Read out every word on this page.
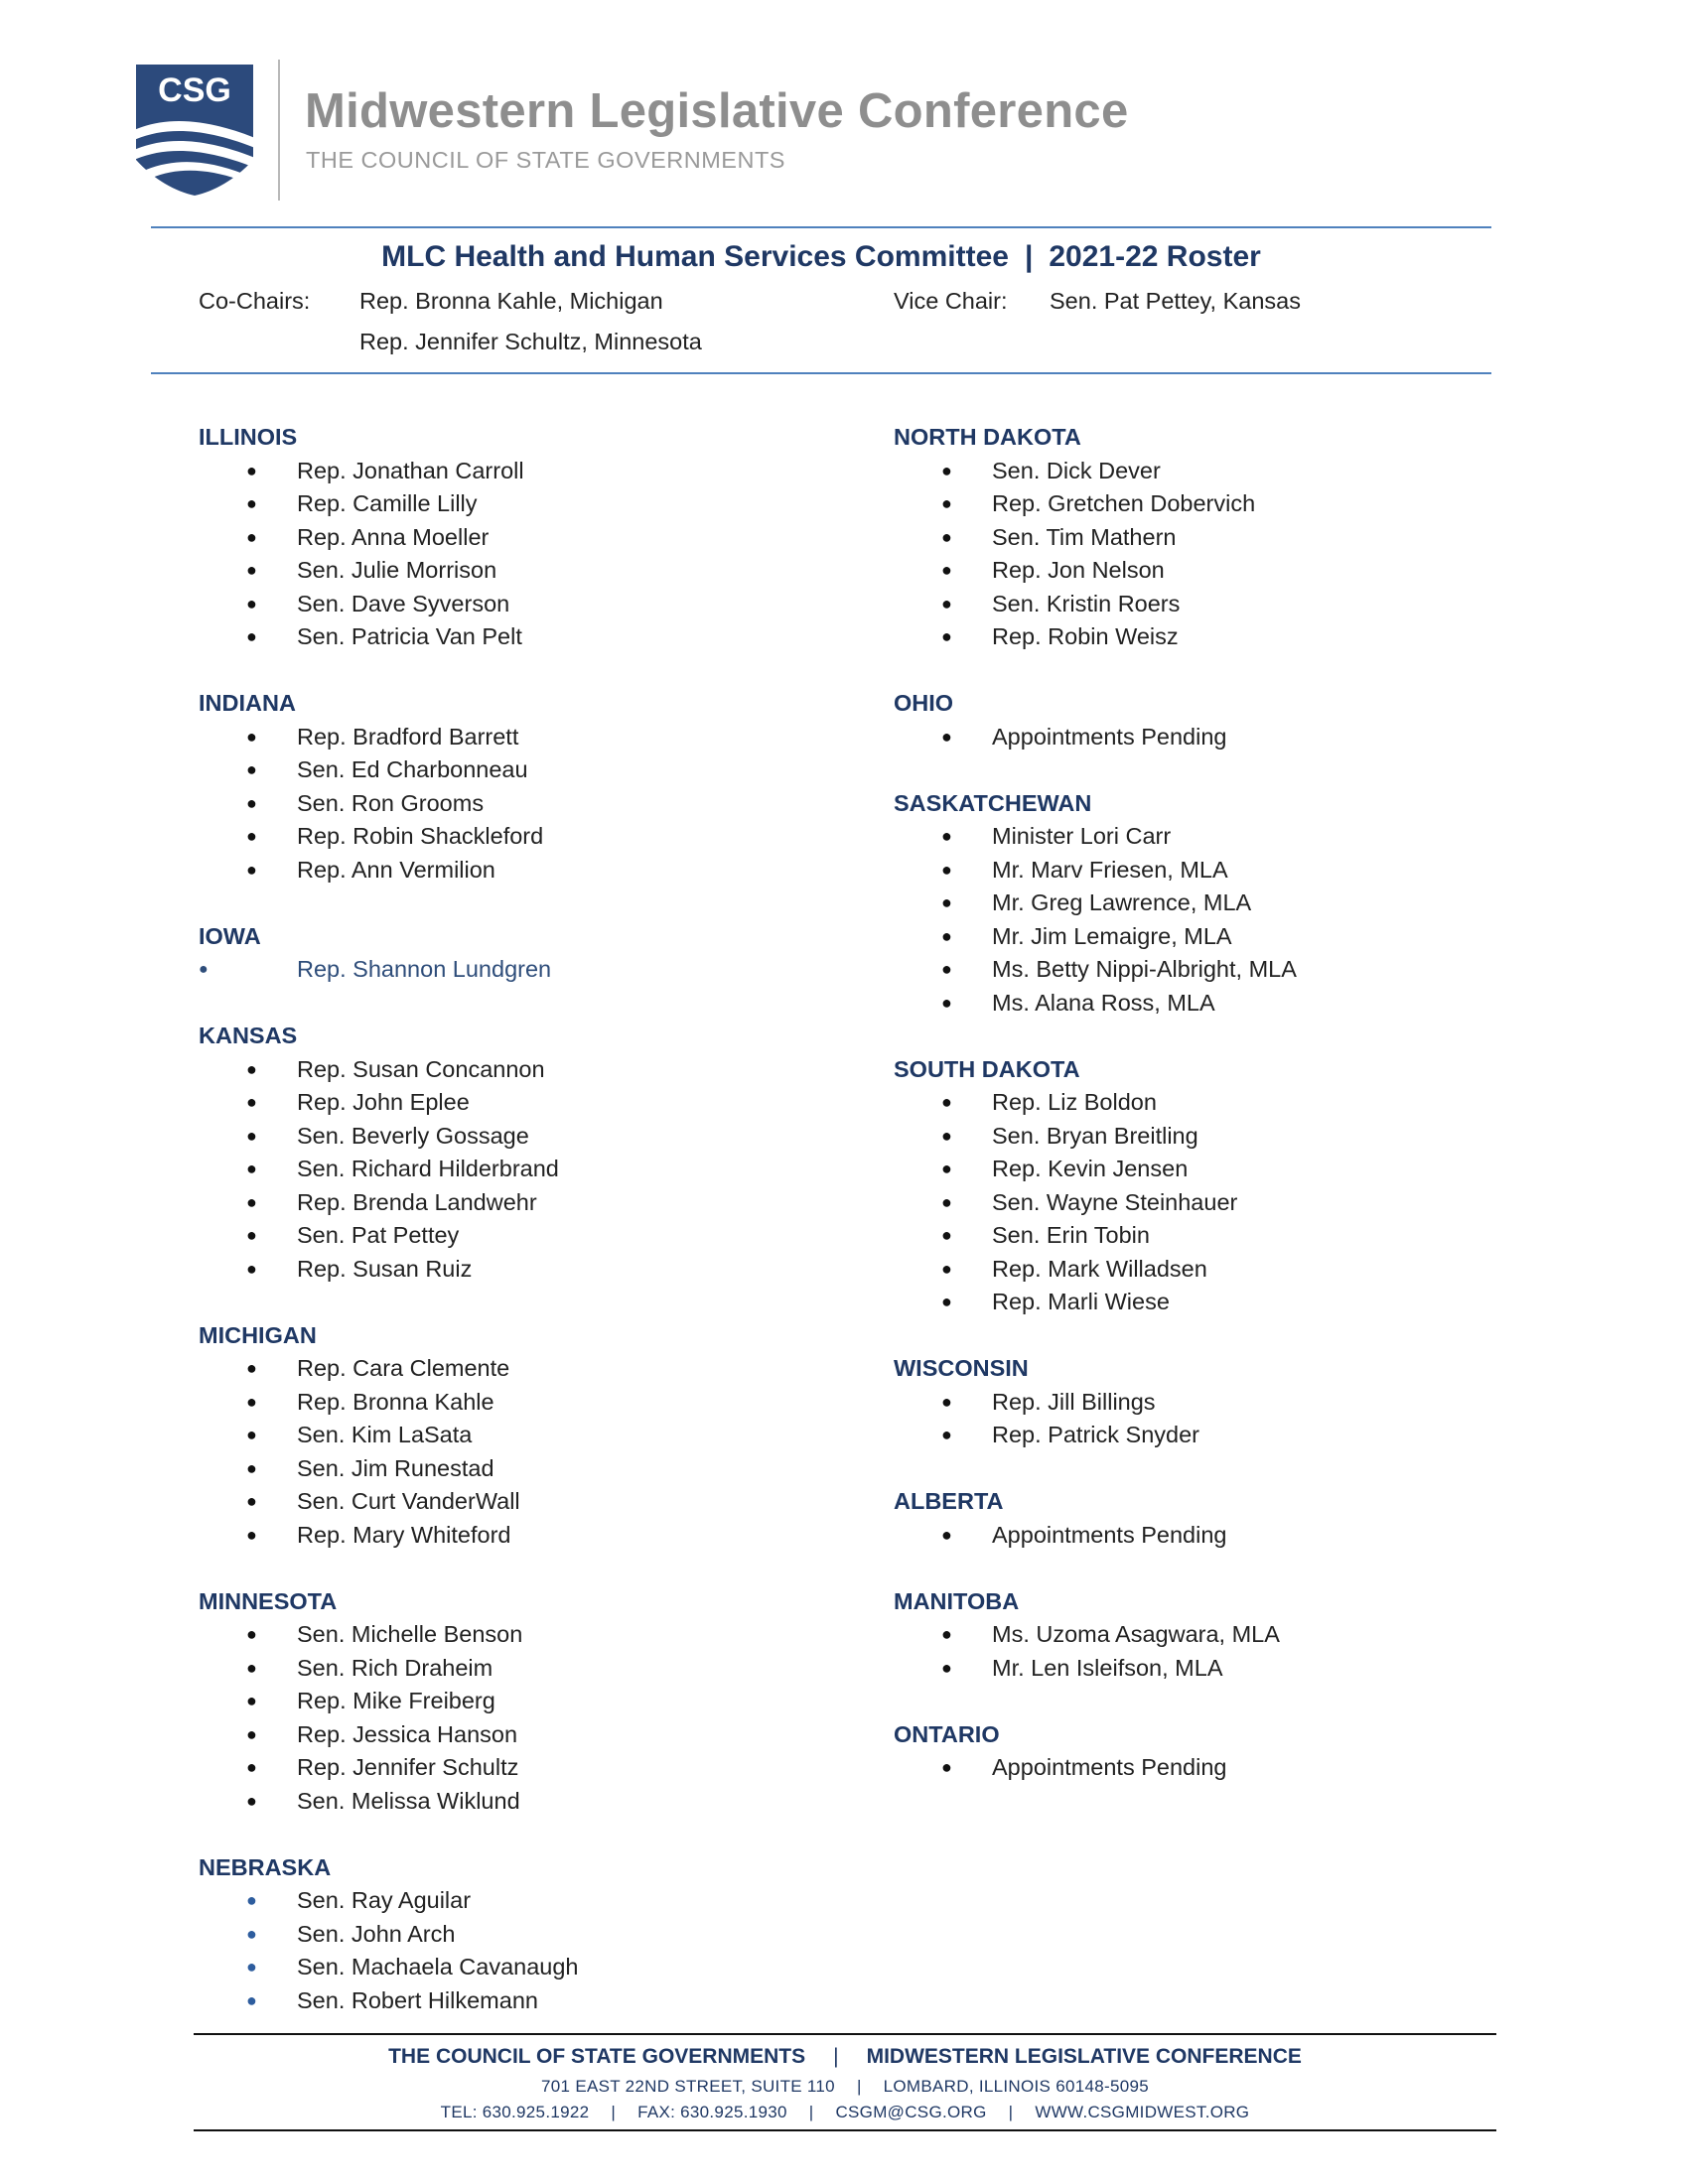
CSG Midwestern Legislative Conference
THE COUNCIL OF STATE GOVERNMENTS
MLC Health and Human Services Committee | 2021-22 Roster
Co-Chairs: Rep. Bronna Kahle, Michigan
Rep. Jennifer Schultz, Minnesota
Vice Chair: Sen. Pat Pettey, Kansas
ILLINOIS
● Rep. Jonathan Carroll
● Rep. Camille Lilly
● Rep. Anna Moeller
● Sen. Julie Morrison
● Sen. Dave Syverson
● Sen. Patricia Van Pelt
INDIANA
● Rep. Bradford Barrett
● Sen. Ed Charbonneau
● Sen. Ron Grooms
● Rep. Robin Shackleford
● Rep. Ann Vermilion
IOWA
●	Rep. Shannon Lundgren
KANSAS
● Rep. Susan Concannon
● Rep. John Eplee
● Sen. Beverly Gossage
● Sen. Richard Hilderbrand
● Rep. Brenda Landwehr
● Sen. Pat Pettey
● Rep. Susan Ruiz
MICHIGAN
● Rep. Cara Clemente
● Rep. Bronna Kahle
● Sen. Kim LaSata
● Sen. Jim Runestad
● Sen. Curt VanderWall
● Rep. Mary Whiteford
MINNESOTA
● Sen. Michelle Benson
● Sen. Rich Draheim
● Rep. Mike Freiberg
● Rep. Jessica Hanson
● Rep. Jennifer Schultz
● Sen. Melissa Wiklund
NEBRASKA
● Sen. Ray Aguilar
● Sen. John Arch
● Sen. Machaela Cavanaugh
● Sen. Robert Hilkemann
NORTH DAKOTA
● Sen. Dick Dever
● Rep. Gretchen Dobervich
● Sen. Tim Mathern
● Rep. Jon Nelson
● Sen. Kristin Roers
● Rep. Robin Weisz
OHIO
● Appointments Pending
SASKATCHEWAN
● Minister Lori Carr
● Mr. Marv Friesen, MLA
● Mr. Greg Lawrence, MLA
● Mr. Jim Lemaigre, MLA
● Ms. Betty Nippi-Albright, MLA
● Ms. Alana Ross, MLA
SOUTH DAKOTA
● Rep. Liz Boldon
● Sen. Bryan Breitling
● Rep. Kevin Jensen
● Sen. Wayne Steinhauer
● Sen. Erin Tobin
● Rep. Mark Willadsen
● Rep. Marli Wiese
WISCONSIN
● Rep. Jill Billings
● Rep. Patrick Snyder
ALBERTA
● Appointments Pending
MANITOBA
● Ms. Uzoma Asagwara, MLA
● Mr. Len Isleifson, MLA
ONTARIO
● Appointments Pending
THE COUNCIL OF STATE GOVERNMENTS | MIDWESTERN LEGISLATIVE CONFERENCE
701 EAST 22ND STREET, SUITE 110 | LOMBARD, ILLINOIS 60148-5095
TEL: 630.925.1922 | FAX: 630.925.1930 | CSGM@CSG.ORG | WWW.CSGMIDWEST.ORG
